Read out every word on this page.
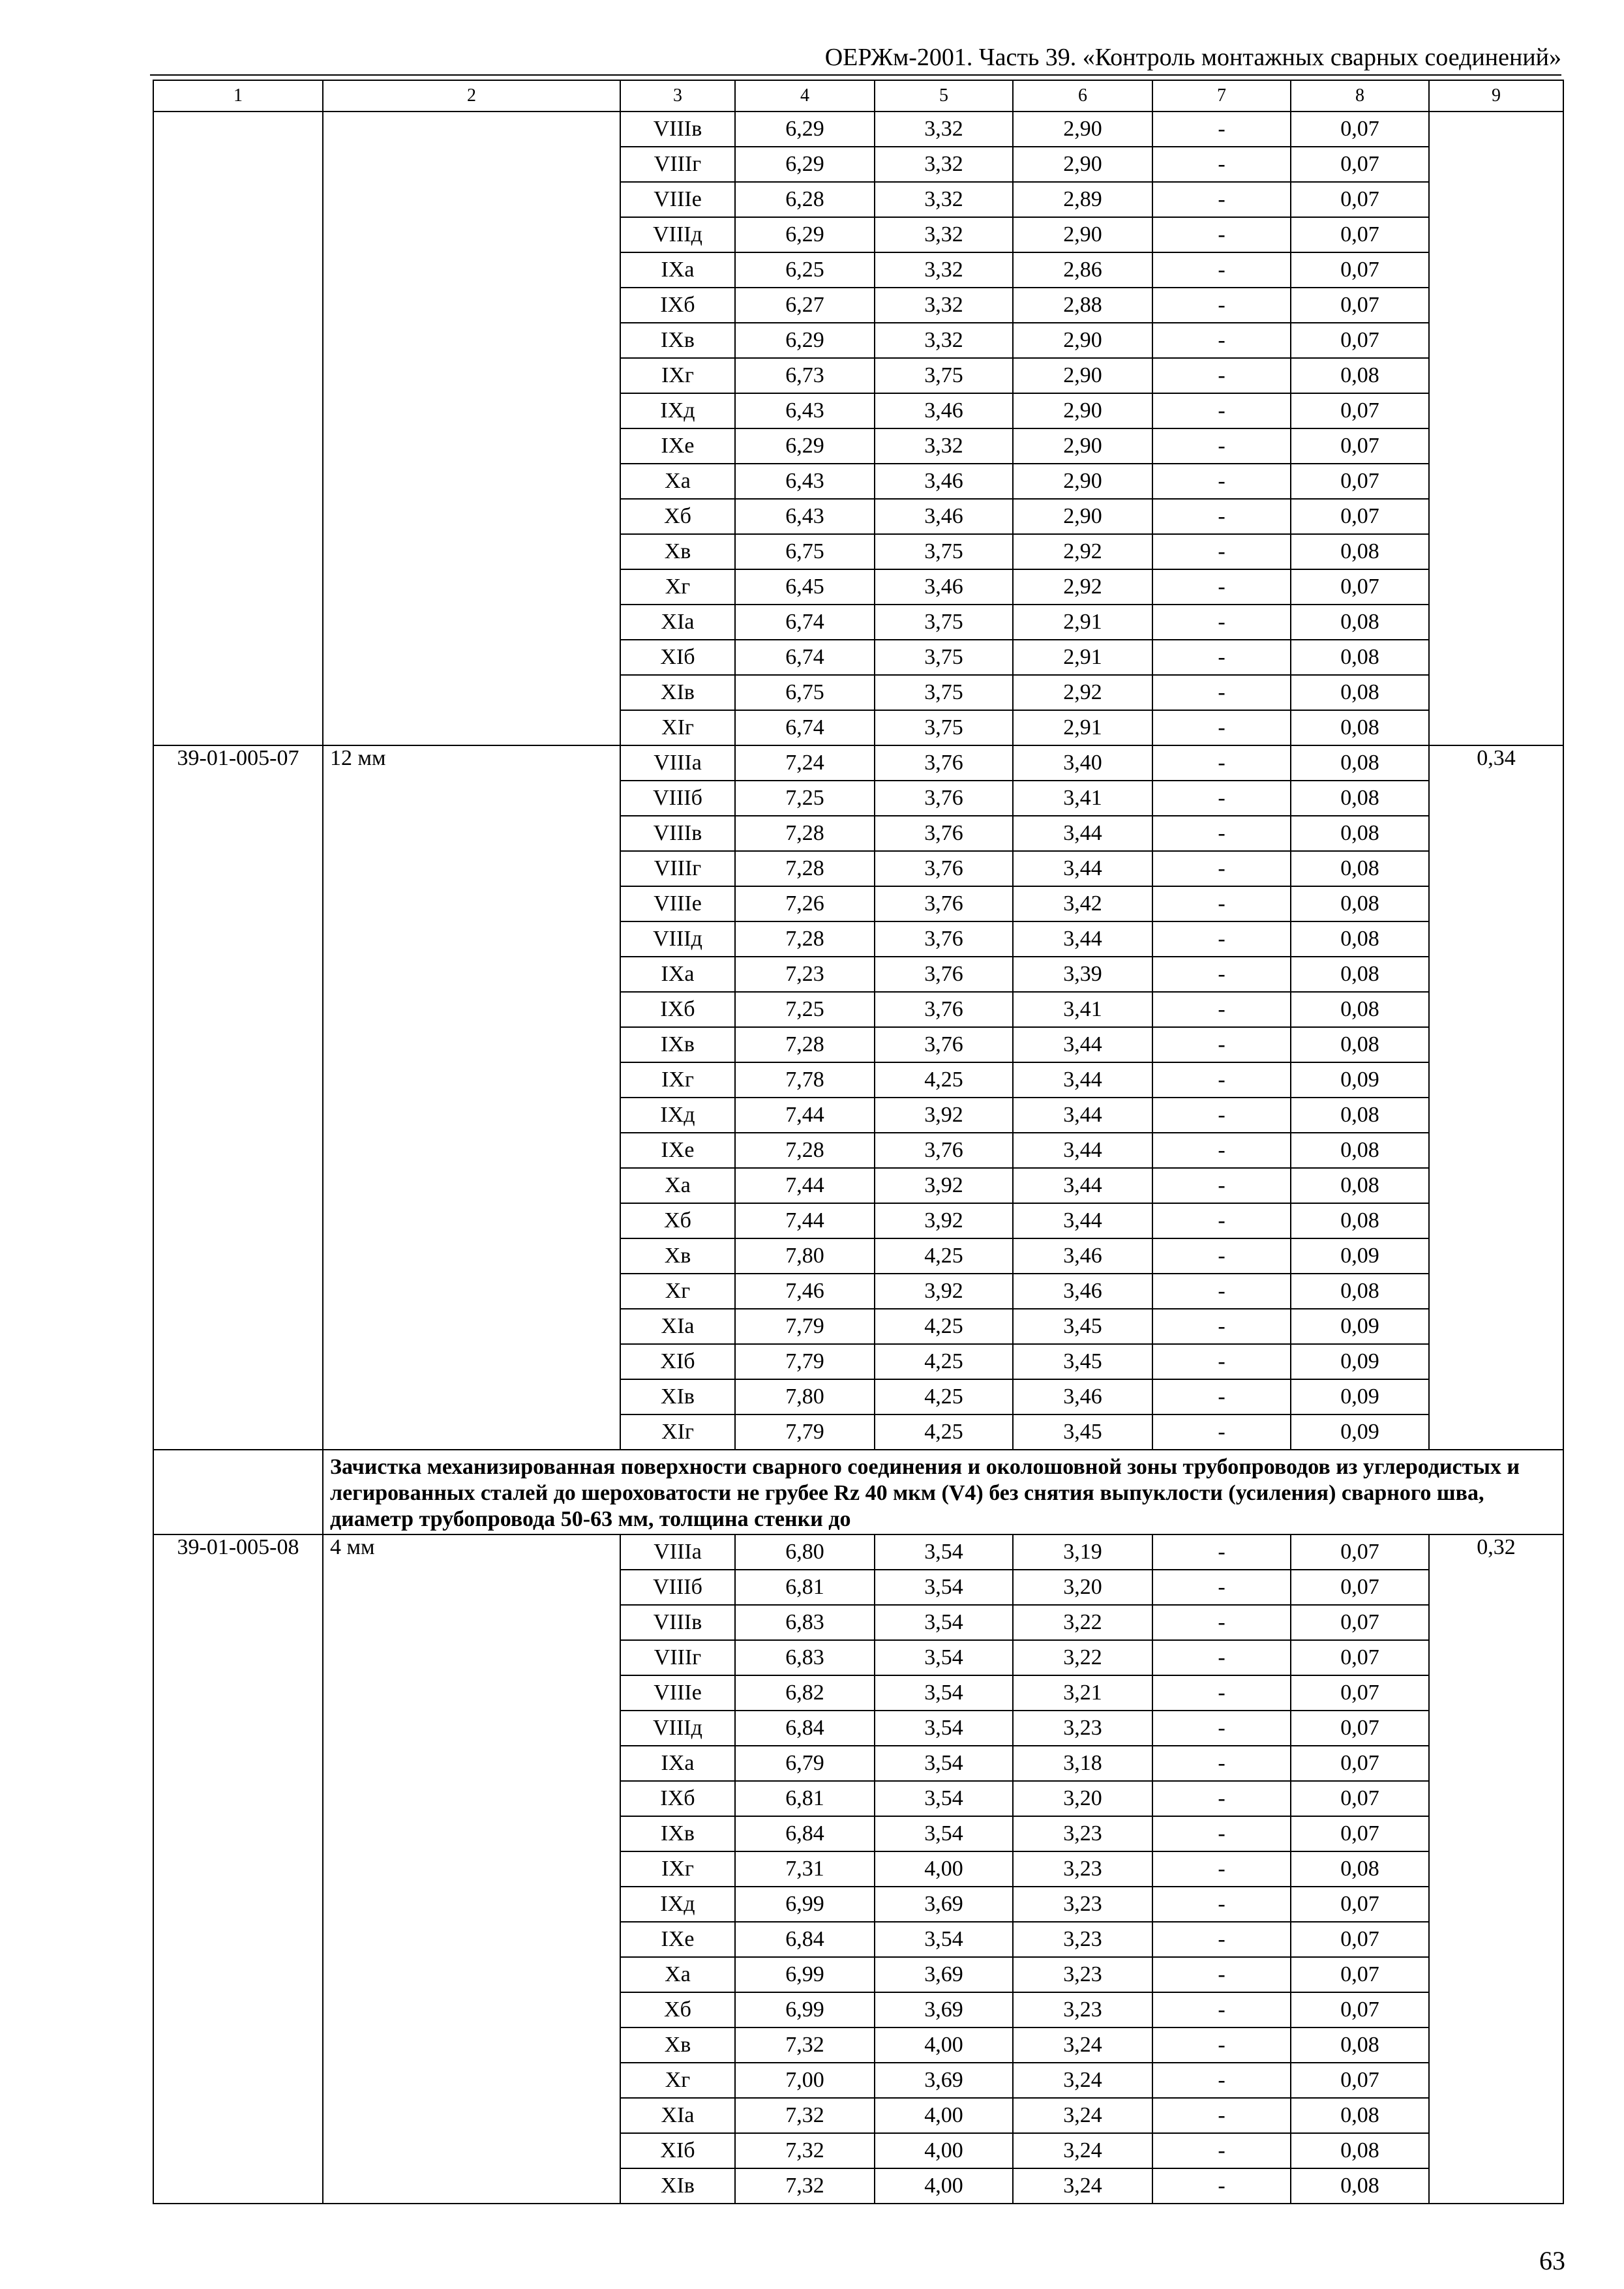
ОЕРЖм-2001. Часть 39. «Контроль монтажных сварных соединений»
1	2	3	4	5	6	7	8	9
		VIIIв	6,29	3,32	2,90	-	0,07	
		VIIIг	6,29	3,32	2,90	-	0,07	
		VIIIе	6,28	3,32	2,89	-	0,07	
		VIIIд	6,29	3,32	2,90	-	0,07	
		IXа	6,25	3,32	2,86	-	0,07	
		IXб	6,27	3,32	2,88	-	0,07	
		IXв	6,29	3,32	2,90	-	0,07	
		IXг	6,73	3,75	2,90	-	0,08	
		IXд	6,43	3,46	2,90	-	0,07	
		IXе	6,29	3,32	2,90	-	0,07	
		Xа	6,43	3,46	2,90	-	0,07	
		Xб	6,43	3,46	2,90	-	0,07	
		Xв	6,75	3,75	2,92	-	0,08	
		Xг	6,45	3,46	2,92	-	0,07	
		XIа	6,74	3,75	2,91	-	0,08	
		XIб	6,74	3,75	2,91	-	0,08	
		XIв	6,75	3,75	2,92	-	0,08	
		XIг	6,74	3,75	2,91	-	0,08	
39-01-005-07	12 мм	VIIIа	7,24	3,76	3,40	-	0,08	0,34
		VIIIб	7,25	3,76	3,41	-	0,08	
		VIIIв	7,28	3,76	3,44	-	0,08	
		VIIIг	7,28	3,76	3,44	-	0,08	
		VIIIе	7,26	3,76	3,42	-	0,08	
		VIIIд	7,28	3,76	3,44	-	0,08	
		IXа	7,23	3,76	3,39	-	0,08	
		IXб	7,25	3,76	3,41	-	0,08	
		IXв	7,28	3,76	3,44	-	0,08	
		IXг	7,78	4,25	3,44	-	0,09	
		IXд	7,44	3,92	3,44	-	0,08	
		IXе	7,28	3,76	3,44	-	0,08	
		Xа	7,44	3,92	3,44	-	0,08	
		Xб	7,44	3,92	3,44	-	0,08	
		Xв	7,80	4,25	3,46	-	0,09	
		Xг	7,46	3,92	3,46	-	0,08	
		XIа	7,79	4,25	3,45	-	0,09	
		XIб	7,79	4,25	3,45	-	0,09	
		XIв	7,80	4,25	3,46	-	0,09	
		XIг	7,79	4,25	3,45	-	0,09	
	Зачистка механизированная поверхности сварного соединения и околошовной зоны трубопроводов из углеродистых и легированных сталей до шероховатости не грубее Rz 40 мкм (V4) без снятия выпуклости (усиления) сварного шва, диаметр трубопровода 50-63 мм, толщина стенки до							
39-01-005-08	4 мм	VIIIа	6,80	3,54	3,19	-	0,07	0,32
		VIIIб	6,81	3,54	3,20	-	0,07	
		VIIIв	6,83	3,54	3,22	-	0,07	
		VIIIг	6,83	3,54	3,22	-	0,07	
		VIIIе	6,82	3,54	3,21	-	0,07	
		VIIIд	6,84	3,54	3,23	-	0,07	
		IXа	6,79	3,54	3,18	-	0,07	
		IXб	6,81	3,54	3,20	-	0,07	
		IXв	6,84	3,54	3,23	-	0,07	
		IXг	7,31	4,00	3,23	-	0,08	
		IXд	6,99	3,69	3,23	-	0,07	
		IXе	6,84	3,54	3,23	-	0,07	
		Xа	6,99	3,69	3,23	-	0,07	
		Xб	6,99	3,69	3,23	-	0,07	
		Xв	7,32	4,00	3,24	-	0,08	
		Xг	7,00	3,69	3,24	-	0,07	
		XIа	7,32	4,00	3,24	-	0,08	
		XIб	7,32	4,00	3,24	-	0,08	
		XIв	7,32	4,00	3,24	-	0,08	
63
